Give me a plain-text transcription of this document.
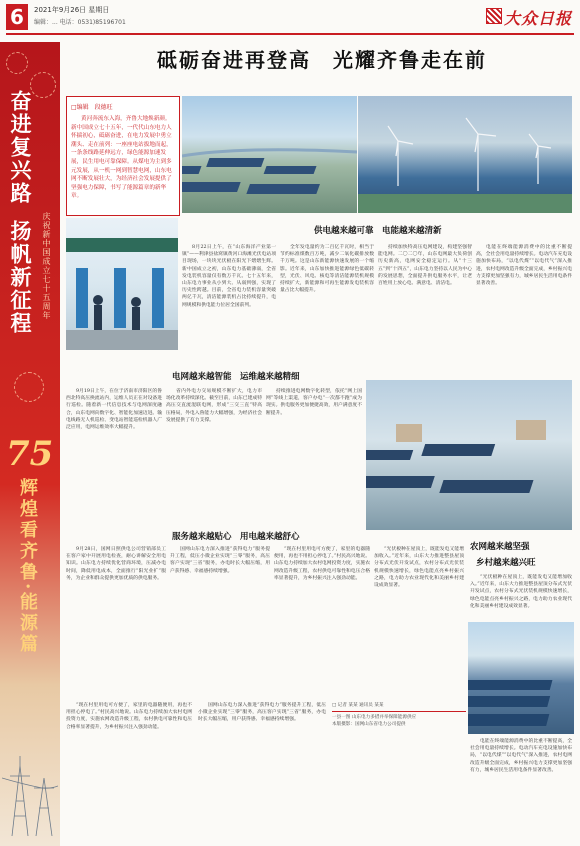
6	2021年9月26日 星期日
编辑：... 电话：0531)85196701	大众日报
奋进复兴路
扬帆新征程	庆祝新中国成立七十五周年
75
辉煌看齐鲁·能源篇
砥砺奋进再登高　光耀齐鲁走在前
□编辑　段德旺
黄河奔流东入海，齐鲁大地焕新颜。新中国成立七十五年，一代代山东电力人怀揣初心，砥砺奋进，在电力发展中勇立潮头、走在前列：一座座电站拔地而起，一条条线路延伸远方，绿色能源加速发展，民生用电可靠保障。从煤电为主到多元发展，从一机一网到智慧电网，山东电网不断发展壮大，为经济社会发展提供了坚强电力保障，书写了能源篇章的新华章。
供电越来越可靠　电能越来越清新
电网越来越智能　运维越来越精细
服务越来越贴心　用电越来越舒心
农网越来越坚强
乡村越来越兴旺

8月22日上午，在“山东海洋产业第一镇”——利津县盐窝镇黄河口海滩光伏电站项目现场，一块块光伏板在阳光下熠熠生辉。新中国成立之初，山东电力基础薄弱，全省发电装机容量仅有数万千瓦。七十五年来，山东电力事业从小到大、从弱到强，实现了历史性跨越。目前，全省电力装机容量突破两亿千瓦，清洁能源装机占比持续提升，电网规模和供电能力位居全国前列。

全年发电量约为二百亿千瓦时，相当于节约标准煤数百万吨，减少二氧化碳排放数千万吨。这是山东新能源快速发展的一个缩影。近年来，山东加快推进能源绿色低碳转型，光伏、风电、核电等清洁能源装机规模持续扩大，新能源和可再生能源发电装机容量占比大幅提升。

持续加快特高压电网建设，构建坚强智能电网。二〇二〇年，山东电网最大负荷创历史新高，电网安全稳定运行。从“十三五”到“十四五”，山东电力坚持以人民为中心的发展思想，全面提升供电服务水平，让老百姓用上放心电、满意电、清洁电。

电能在终端能源消费中的比重不断提高，全社会用电量持续增长。电动汽车充电设施加快布局，“以电代煤”“以电代气”深入推进，农村电网改造升级全面完成，乡村振兴电力支撑更加坚强有力，城乡居民生活用电条件显著改善。

9月19日上午，在位于济南市济阳区的鲁西北特高压换流站内，运维人员正在对设备进行巡检。随着新一代信息技术与电网深度融合，山东电网向数字化、智能化加速迈进。输电线路无人机巡检、变电站智能巡检机器人广泛应用，电网运维效率大幅提升。

省内外电力交易规模不断扩大，电力市场化改革持续深化。截至目前，山东已建成特高压交直流混联电网，形成“三交三直”特高压格局，外电入鲁能力大幅增强，为经济社会发展提供了有力支撑。

持续推进电网数字化转型，依托“网上国网”等线上渠道，客户办电“一次都不跑”成为现实。供电服务更加便捷高效，用户满意度不断提升。

9月28日，国网日照供电公司营销部员工在客户家中开展用电检查，耐心讲解安全用电知识。山东电力持续优化营商环境，压减办电时间，降低用电成本，全面推行“阳光业扩”服务，为企业和群众提供更加优质的供电服务。

国网山东电力深入推进“获得电力”服务提升工程，低压小微企业实现“三零”服务，高压客户实现“三省”服务，办电时长大幅压缩，用户获得感、幸福感持续增强。

“现在村里用电可方便了，家里的电器随便用，再也不用担心停电了。”村民高兴地说。山东电力持续加大农村电网投资力度，实施农网改造升级工程，农村供电可靠性和电压合格率显著提升，为乡村振兴注入强劲动能。

“光伏板种在屋顶上，既能发电又能增加收入。”近年来，山东大力推进整县屋顶分布式光伏开发试点，农村分布式光伏装机规模快速增长，绿色电能点亮乡村振兴之路，电力助力农业现代化和美丽乡村建设成效显著。

“光伏板种在屋顶上，既能发电又能增加收入。”近年来，山东大力推进整县屋顶分布式光伏开发试点，农村分布式光伏装机规模快速增长，绿色电能点亮乡村振兴之路，电力助力农业现代化和美丽乡村建设成效显著。

“现在村里用电可方便了，家里的电器随便用，再也不用担心停电了。”村民高兴地说。山东电力持续加大农村电网投资力度，实施农网改造升级工程，农村供电可靠性和电压合格率显著提升，为乡村振兴注入强劲动能。

国网山东电力深入推进“获得电力”服务提升工程，低压小微企业实现“三零”服务，高压客户实现“三省”服务，办电时长大幅压缩，用户获得感、幸福感持续增强。

电能在终端能源消费中的比重不断提高，全社会用电量持续增长。电动汽车充电设施加快布局，“以电代煤”“以电代气”深入推进，农村电网改造升级全面完成，乡村振兴电力支撑更加坚强有力，城乡居民生活用电条件显著改善。

□ 记者 某某 通讯员 某某
一县一图 山东电力多措并举保障能源供应
本版摄影：国网山东省电力公司提供
